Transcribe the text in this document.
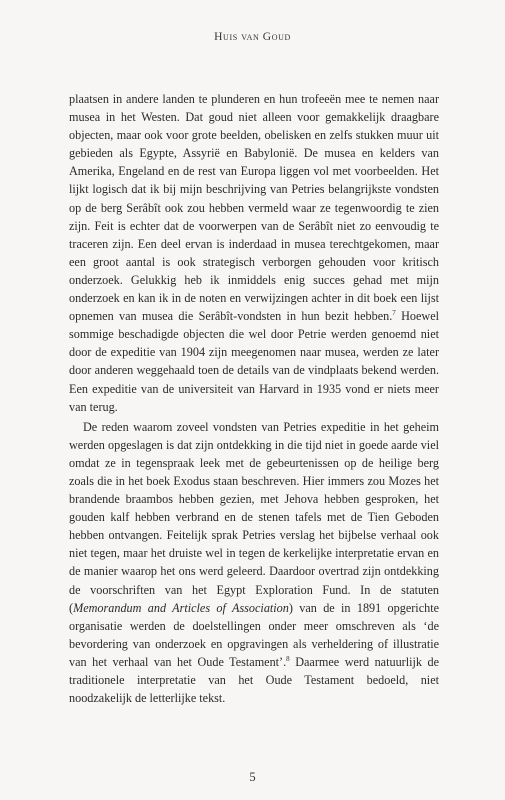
Huis van Goud

plaatsen in andere landen te plunderen en hun trofeeën mee te nemen naar musea in het Westen. Dat goud niet alleen voor gemakkelijk draagbare objecten, maar ook voor grote beelden, obelisken en zelfs stukken muur uit gebieden als Egypte, Assyrië en Babylonië. De musea en kelders van Amerika, Engeland en de rest van Europa liggen vol met voorbeelden. Het lijkt logisch dat ik bij mijn beschrijving van Petries belangrijkste vondsten op de berg Serâbît ook zou hebben vermeld waar ze tegenwoordig te zien zijn. Feit is echter dat de voorwerpen van de Serâbît niet zo eenvoudig te traceren zijn. Een deel ervan is inderdaad in musea terechtgekomen, maar een groot aantal is ook strategisch verborgen gehouden voor kritisch onderzoek. Gelukkig heb ik inmiddels enig succes gehad met mijn onderzoek en kan ik in de noten en verwijzingen achter in dit boek een lijst opnemen van musea die Serâbît-vondsten in hun bezit hebben.$^7$ Hoewel sommige beschadigde objecten die wel door Petrie werden genoemd niet door de expeditie van 1904 zijn meegenomen naar musea, werden ze later door anderen weggehaald toen de details van de vindplaats bekend werden. Een expeditie van de universiteit van Harvard in 1935 vond er niets meer van terug.

De reden waarom zoveel vondsten van Petries expeditie in het geheim werden opgeslagen is dat zijn ontdekking in die tijd niet in goede aarde viel omdat ze in tegenspraak leek met de gebeurtenissen op de heilige berg zoals die in het boek Exodus staan beschreven. Hier immers zou Mozes het brandende braambos hebben gezien, met Jehova hebben gesproken, het gouden kalf hebben verbrand en de stenen tafels met de Tien Geboden hebben ontvangen. Feitelijk sprak Petries verslag het bijbelse verhaal ook niet tegen, maar het druiste wel in tegen de kerkelijke interpretatie ervan en de manier waarop het ons werd geleerd. Daardoor overtrad zijn ontdekking de voorschriften van het Egypt Exploration Fund. In de statuten (Memorandum and Articles of Association) van de in 1891 opgerichte organisatie werden de doelstellingen onder meer omschreven als ‘de bevordering van onderzoek en opgravingen als verheldering of illustratie van het verhaal van het Oude Testament’.$^8$ Daarmee werd natuurlijk de traditionele interpretatie van het Oude Testament bedoeld, niet noodzakelijk de letterlijke tekst.

5
